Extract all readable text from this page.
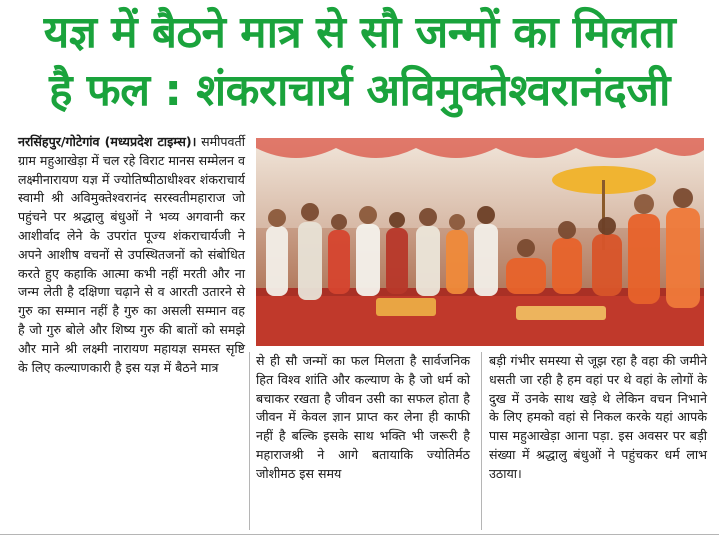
यज्ञ में बैठने मात्र से सौ जन्मों का मिलता
है फल : शंकराचार्य अविमुक्तेश्वरानंदजी

नरसिंहपुर/गोटेगांव (मध्यप्रदेश टाइम्स)। समीपवर्ती ग्राम महुआखेड़ा में चल रहे विराट मानस सम्मेलन व लक्ष्मीनारायण यज्ञ में ज्योतिष्पीठाधीश्वर शंकराचार्य स्वामी श्री अविमुक्तेश्वरानंद सरस्वतीमहाराज जो पहुंचने पर श्रद्धालु बंधुओं ने भव्य अगवानी कर आशीर्वाद लेने के उपरांत पूज्य शंकराचार्यजी ने अपने आशीष वचनों से उपस्थितजनों को संबोधित करते हुए कहाकि आत्मा कभी नहीं मरती और ना जन्म लेती है दक्षिणा चढ़ाने से व आरती उतारने से गुरु का सम्मान नहीं है गुरु का असली सम्मान वह है जो गुरु बोले और शिष्य गुरु की बातों को समझे और माने श्री लक्ष्मी नारायण महायज्ञ समस्त सृष्टि के लिए कल्याणकारी है इस यज्ञ में बैठने मात्र	से ही सौ जन्मों का फल मिलता है सार्वजनिक हित विश्व शांति और कल्याण के है जो धर्म को बचाकर रखता है जीवन उसी का सफल होता है जीवन में केवल ज्ञान प्राप्त कर लेना ही काफी नहीं है बल्कि इसके साथ भक्ति भी जरूरी है महाराजश्री ने आगे बतायाकि ज्योतिर्मठ जोशीमठ इस समय

बड़ी गंभीर समस्या से जूझ रहा है वहा की जमीने धसती जा रही है हम वहां पर थे वहां के लोगों के दुख में उनके साथ खड़े थे लेकिन वचन निभाने के लिए हमको वहां से निकल करके यहां आपके पास महुआखेड़ा आना पड़ा. इस अवसर पर बड़ी संख्या में श्रद्धालु बंधुओं ने पहुंचकर धर्म लाभ उठाया।
